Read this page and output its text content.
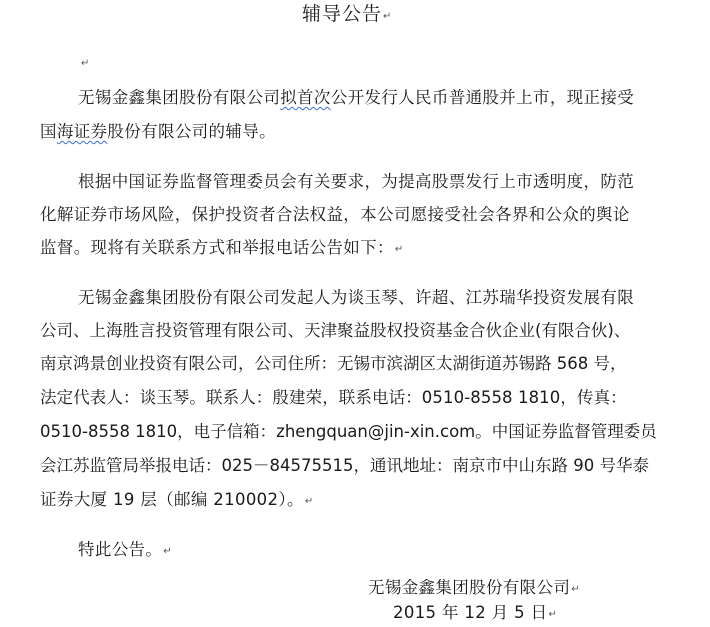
辅导公告↵
↵
无锡金鑫集团股份有限公司拟首次公开发行人民币普通股并上市，现正接受
国海证券股份有限公司的辅导。
根据中国证券监督管理委员会有关要求，为提高股票发行上市透明度，防范
化解证券市场风险，保护投资者合法权益，本公司愿接受社会各界和公众的舆论
监督。现将有关联系方式和举报电话公告如下：↵
无锡金鑫集团股份有限公司发起人为谈玉琴、许超、江苏瑞华投资发展有限
公司、上海胜言投资管理有限公司、天津聚益股权投资基金合伙企业(有限合伙)、
南京鸿景创业投资有限公司，公司住所：无锡市滨湖区太湖街道苏锡路 568 号，
法定代表人：谈玉琴。联系人：殷建荣，联系电话：0510-8558 1810，传真：
0510-8558 1810，电子信箱：zhengquan@jin-xin.com。中国证券监督管理委员
会江苏监管局举报电话：025－84575515，通讯地址：南京市中山东路 90 号华泰
证券大厦 19 层（邮编 210002）。↵
特此公告。↵
无锡金鑫集团股份有限公司↵
2015 年 12 月 5 日↵
